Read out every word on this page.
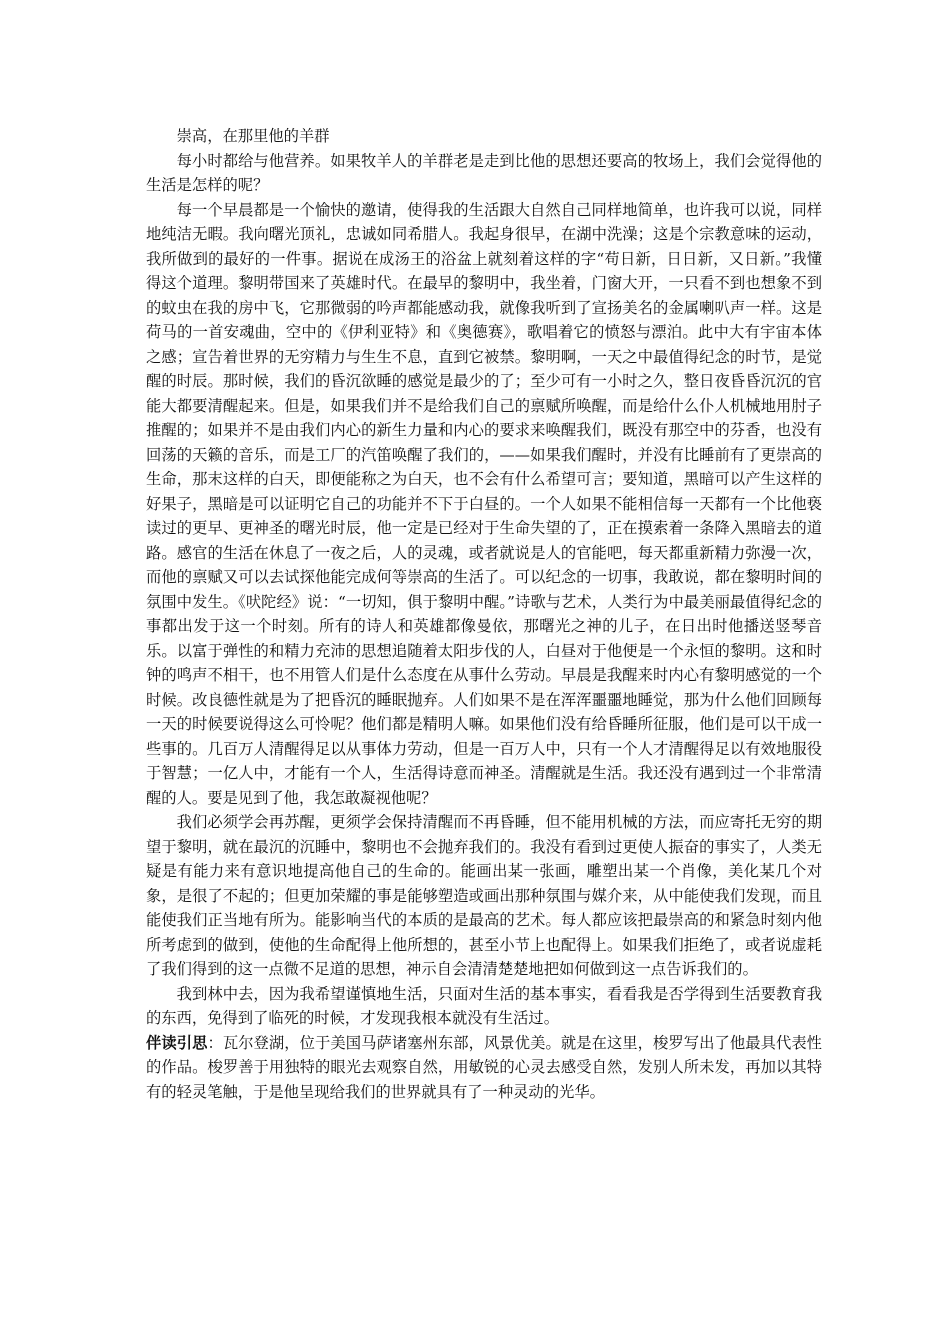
崇高，在那里他的羊群

每小时都给与他营养。如果牧羊人的羊群老是走到比他的思想还要高的牧场上，我们会觉得他的生活是怎样的呢？

每一个早晨都是一个愉快的邀请，使得我的生活跟大自然自己同样地简单，也许我可以说，同样地纯洁无暇。我向曙光顶礼，忠诚如同希腊人。我起身很早，在湖中洗澡；这是个宗教意味的运动，我所做到的最好的一件事。据说在成汤王的浴盆上就刻着这样的字“苟日新，日日新，又日新。”我懂得这个道理。黎明带国来了英雄时代。在最早的黎明中，我坐着，门窗大开，一只看不到也想象不到的蚊虫在我的房中飞，它那微弱的吟声都能感动我，就像我听到了宣扬美名的金属喇叭声一样。这是荷马的一首安魂曲，空中的《伊利亚特》和《奥德赛》，歌唱着它的愤怒与漂泊。此中大有宇宙本体之感；宣告着世界的无穷精力与生生不息，直到它被禁。黎明啊，一天之中最值得纪念的时节，是觉醒的时辰。那时候，我们的昏沉欲睡的感觉是最少的了；至少可有一小时之久，整日夜昏昏沉沉的官能大都要清醒起来。但是，如果我们并不是给我们自己的禀赋所唤醒，而是给什么仆人机械地用肘子推醒的；如果并不是由我们内心的新生力量和内心的要求来唤醒我们，既没有那空中的芬香，也没有回荡的天籁的音乐，而是工厂的汽笛唤醒了我们的，——如果我们醒时，并没有比睡前有了更崇高的生命，那末这样的白天，即便能称之为白天，也不会有什么希望可言；要知道，黑暗可以产生这样的好果子，黑暗是可以证明它自己的功能并不下于白昼的。一个人如果不能相信每一天都有一个比他亵读过的更早、更神圣的曙光时辰，他一定是已经对于生命失望的了，正在摸索着一条降入黑暗去的道路。感官的生活在休息了一夜之后，人的灵魂，或者就说是人的官能吧，每天都重新精力弥漫一次，而他的禀赋又可以去试探他能完成何等崇高的生活了。可以纪念的一切事，我敢说，都在黎明时间的氛围中发生。《吠陀经》说：“一切知，俱于黎明中醒。”诗歌与艺术，人类行为中最美丽最值得纪念的事都出发于这一个时刻。所有的诗人和英雄都像曼依，那曙光之神的儿子，在日出时他播送竖琴音乐。以富于弹性的和精力充沛的思想追随着太阳步伐的人，白昼对于他便是一个永恒的黎明。这和时钟的鸣声不相干，也不用管人们是什么态度在从事什么劳动。早晨是我醒来时内心有黎明感觉的一个时候。改良德性就是为了把昏沉的睡眠抛弃。人们如果不是在浑浑噩噩地睡觉，那为什么他们回顾每一天的时候要说得这么可怜呢？他们都是精明人嘛。如果他们没有给昏睡所征服，他们是可以干成一些事的。几百万人清醒得足以从事体力劳动，但是一百万人中，只有一个人才清醒得足以有效地服役于智慧；一亿人中，才能有一个人，生活得诗意而神圣。清醒就是生活。我还没有遇到过一个非常清醒的人。要是见到了他，我怎敢凝视他呢？

我们必须学会再苏醒，更须学会保持清醒而不再昏睡，但不能用机械的方法，而应寄托无穷的期望于黎明，就在最沉的沉睡中，黎明也不会抛弃我们的。我没有看到过更使人振奋的事实了，人类无疑是有能力来有意识地提高他自己的生命的。能画出某一张画，雕塑出某一个肖像，美化某几个对象，是很了不起的；但更加荣耀的事是能够塑造或画出那种氛围与媒介来，从中能使我们发现，而且能使我们正当地有所为。能影响当代的本质的是最高的艺术。每人都应该把最崇高的和紧急时刻内他所考虑到的做到，使他的生命配得上他所想的，甚至小节上也配得上。如果我们拒绝了，或者说虚耗了我们得到的这一点微不足道的思想，神示自会清清楚楚地把如何做到这一点告诉我们的。

我到林中去，因为我希望谨慎地生活，只面对生活的基本事实，看看我是否学得到生活要教育我的东西，免得到了临死的时候，才发现我根本就没有生活过。

伴读引思：瓦尔登湖，位于美国马萨诸塞州东部，风景优美。就是在这里，梭罗写出了他最具代表性的作品。梭罗善于用独特的眼光去观察自然，用敏锐的心灵去感受自然，发别人所未发，再加以其特有的轻灵笔触，于是他呈现给我们的世界就具有了一种灵动的光华。
